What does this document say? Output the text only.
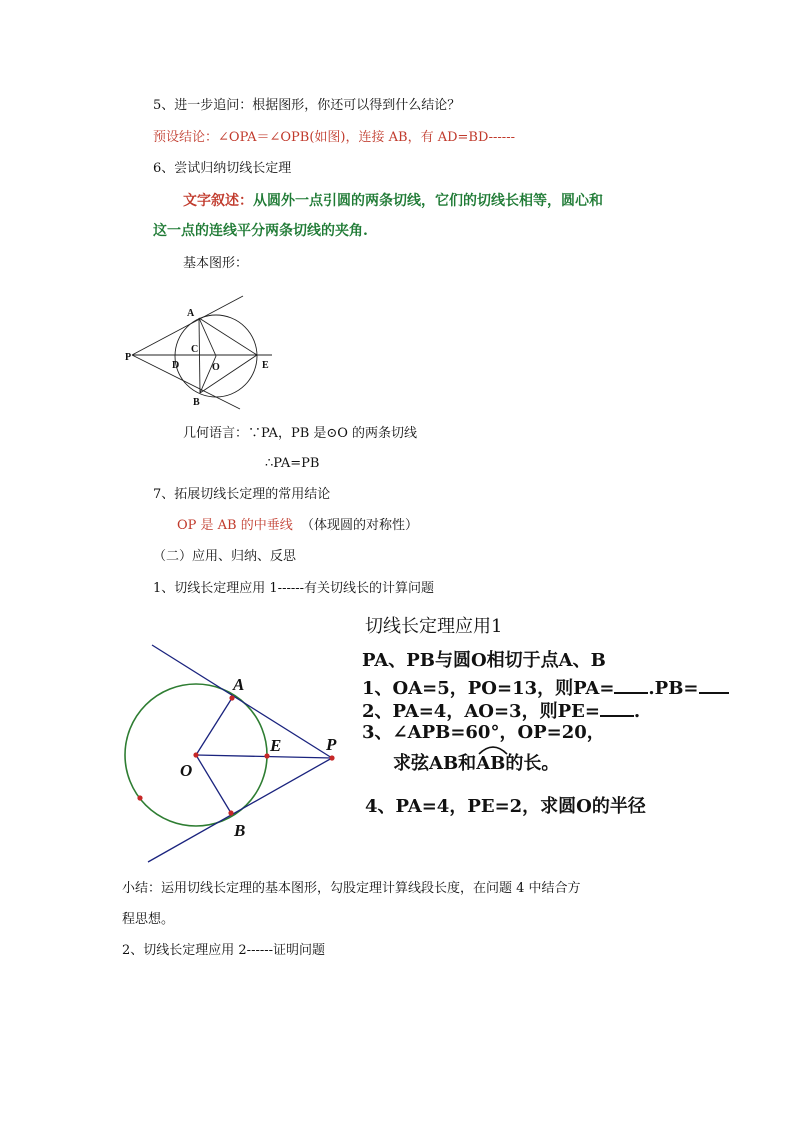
5、进一步追问：根据图形，你还可以得到什么结论？
预设结论：∠OPA＝∠OPB(如图)，连接 AB，有 AD=BD------
6、尝试归纳切线长定理
文字叙述：从圆外一点引圆的两条切线，它们的切线长相等，圆心和
这一点的连线平分两条切线的夹角.
基本图形：
A
B
C
D	O	E
P
几何语言：∵PA，PB 是⊙O 的两条切线
∴PA=PB
7、拓展切线长定理的常用结论
OP 是 AB 的中垂线 （体现圆的对称性）
（二）应用、归纳、反思
1、切线长定理应用 1------有关切线长的计算问题
A
B
O
E	P
切线长定理应用1
PA、PB与圆O相切于点A、B
1、OA=5，PO=13，则PA= .PB=
2、PA=4，AO=3，则PE= .
3、∠APB=60°，OP=20，
求弦AB和
AB的长。
4、PA=4，PE=2，求圆O的半径
小结：运用切线长定理的基本图形，勾股定理计算线段长度，在问题 4 中结合方
程思想。
2、切线长定理应用 2------证明问题
